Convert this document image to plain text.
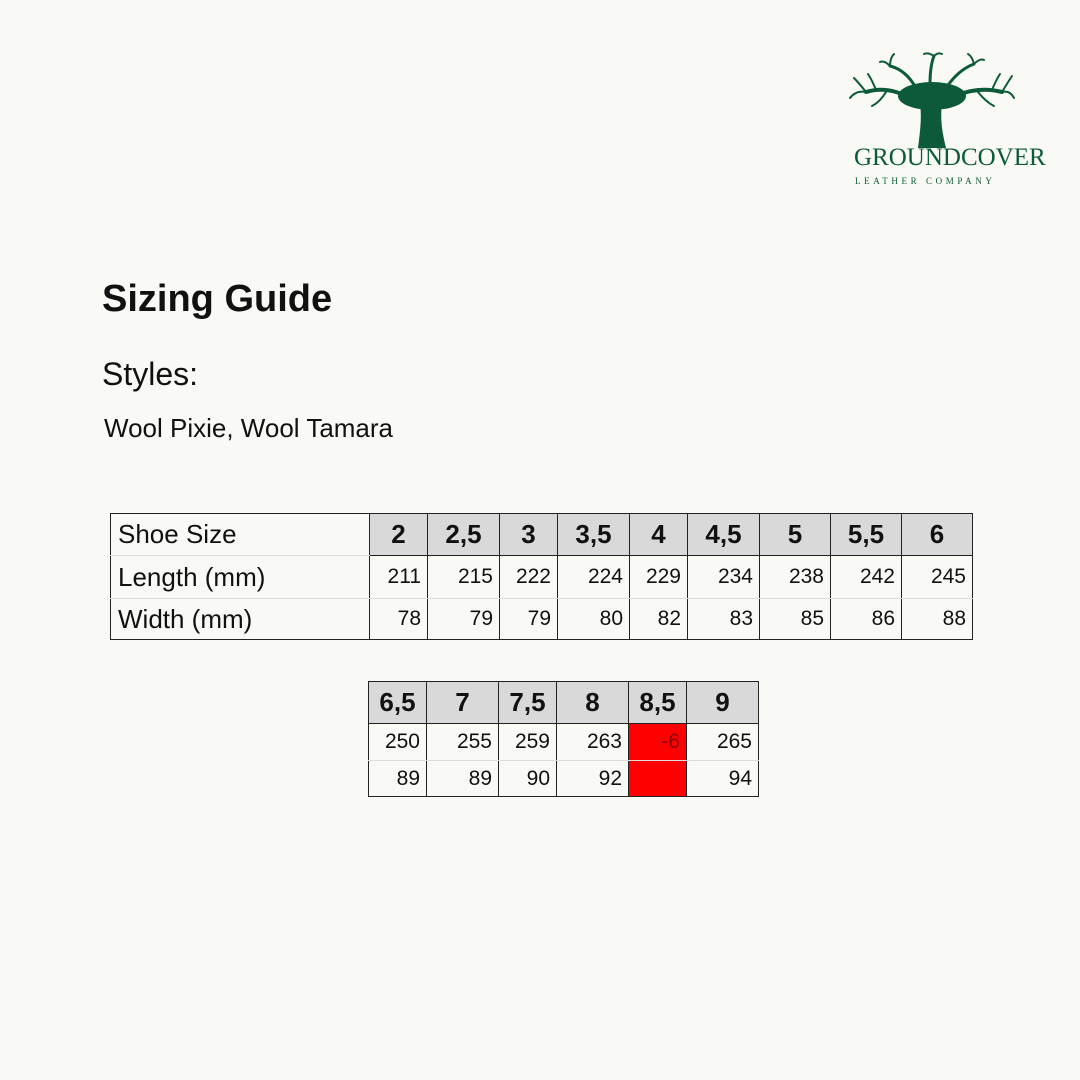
GROUNDCOVER
LEATHER COMPANY
Sizing Guide
Styles:
Wool Pixie, Wool Tamara
Shoe Size	2	2,5	3	3,5	4	4,5	5	5,5	6
Length (mm)	211	215	222	224	229	234	238	242	245
Width (mm)	78	79	79	80	82	83	85	86	88
6,5	7	7,5	8	8,5	9
250	255	259	263	-6	265
89	89	90	92		94
